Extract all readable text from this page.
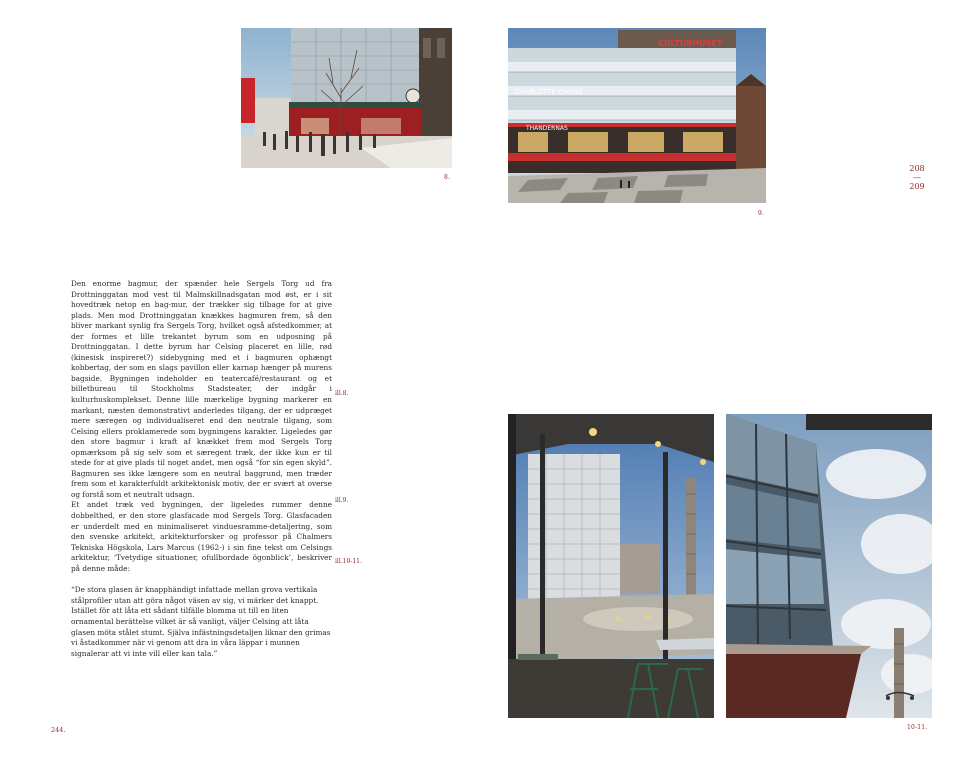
8.
KULTURHUSET
CHARLOTTE CHANS
THANDERNAS
9.
208
—
209

Den enorme bagmur, der spænder hele Sergels Torg ud fra Drottninggatan mod vest til Malmskillnadsgatan mod øst, er i sit hovedtræk netop en bag-mur, der trækker sig tilbage for at give plads. Men mod Drottninggatan knækkes bagmuren frem, så den bliver markant synlig fra Sergels Torg, hvilket også afstedkommer, at der formes et lille trekantet byrum som en udposning på Drottninggatan. I dette byrum har Celsing placeret en lille, rød (kinesisk inspireret?) sidebygning med et i bagmuren ophængt kobbertag, der som en slags pavillon eller karnap hænger på murens bagside. Bygningen indeholder en teatercafé/restaurant og et billetbureau til Stockholms Stadsteater, der indgår i kulturhuskomplekset. Denne lille mærkelige bygning markerer en markant, næsten demonstrativt anderledes tilgang, der er udpræget mere særegen og individualiseret end den neutrale tilgang, som Celsing ellers proklamerede som bygningens karakter. Ligeledes gør den store bagmur i kraft af knækket frem mod Sergels Torg opmærksom på sig selv som et særegent træk, der ikke kun er til stede for at give plads til noget andet, men også “for sin egen skyld”. Bagmuren ses ikke længere som en neutral baggrund, men træder frem som et karakterfuldt arkitektonisk motiv, der er svært at overse og forstå som et neutralt udsagn.

Et andet træk ved bygningen, der ligeledes rummer denne dobbelthed, er den store glasfacade mod Sergels Torg. Glasfacaden er underdelt med en minimaliseret vinduesramme-detaljering, som den svenske arkitekt, arkitekturforsker og professor på Chalmers Tekniska Högskola, Lars Marcus (1962-) i sin fine tekst om Celsings arkitektur, ‘Tvetydige situationer, ofullbordade ögonblick’, beskriver på denne måde:

“De stora glasen är knapphändigt infattade mellan grova vertikala stålprofiler utan att göra något väsen av sig, vi märker det knappt. Istället för att låta ett sådant tilfälle blomma ut till en liten ornamental berättelse vilket är så vanligt, väljer Celsing att låta glasen möta stålet stumt. Själva infästningsdetaljen liknar den grimas vi åstadkommer när vi genom att dra in våra läppar i munnen signalerar att vi inte vill eller kan tala.”

ill.8.
ill.9.
ill.10-11.
244.	10-11.
